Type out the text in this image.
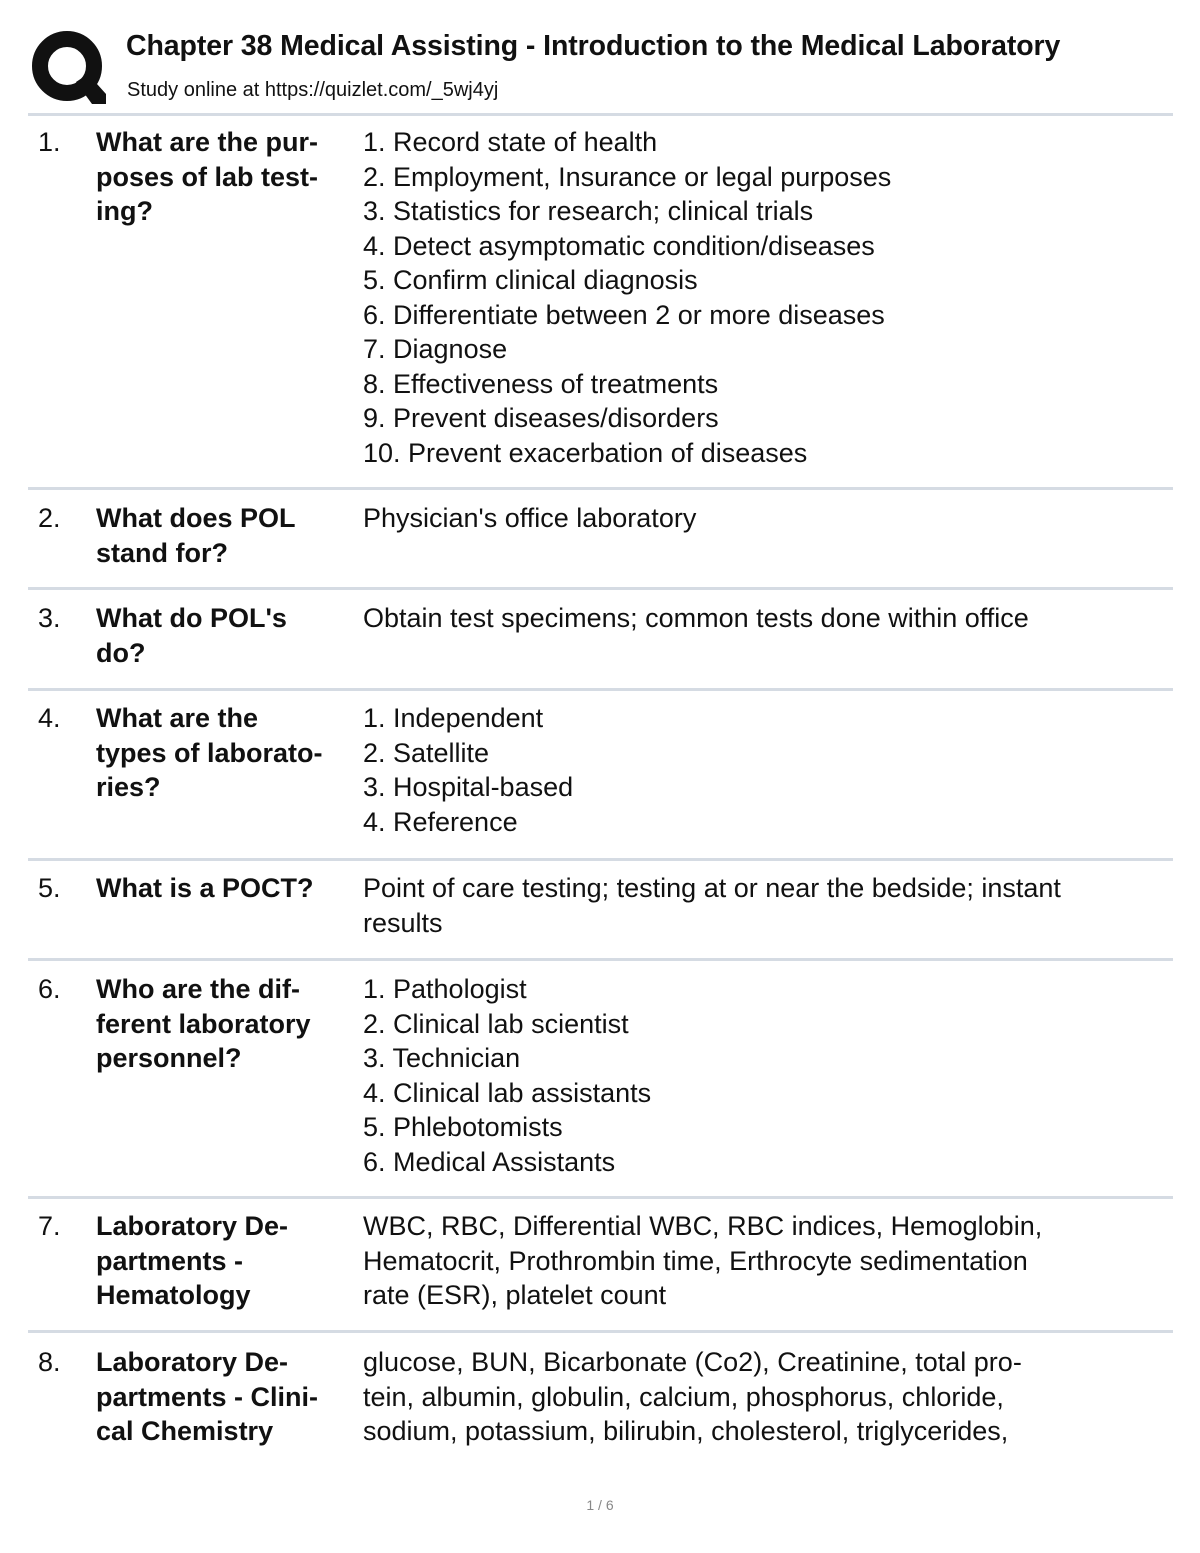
Chapter 38 Medical Assisting - Introduction to the Medical Laboratory
Study online at https://quizlet.com/_5wj4yj
1. What are the pur-
poses of lab test-
ing?
1. Record state of health
2. Employment, Insurance or legal purposes
3. Statistics for research; clinical trials
4. Detect asymptomatic condition/diseases
5. Confirm clinical diagnosis
6. Differentiate between 2 or more diseases
7. Diagnose
8. Effectiveness of treatments
9. Prevent diseases/disorders
10. Prevent exacerbation of diseases
2. What does POL
stand for?
Physician's office laboratory
3. What do POL's
do?
Obtain test specimens; common tests done within office
4. What are the
types of laborato-
ries?
1. Independent
2. Satellite
3. Hospital-based
4. Reference
5. What is a POCT?	Point of care testing; testing at or near the bedside; instant
results
6. Who are the dif-
ferent laboratory
personnel?
1. Pathologist
2. Clinical lab scientist
3. Technician
4. Clinical lab assistants
5. Phlebotomists
6. Medical Assistants
7. Laboratory De-
partments -
Hematology
WBC, RBC, Differential WBC, RBC indices, Hemoglobin,
Hematocrit, Prothrombin time, Erthrocyte sedimentation
rate (ESR), platelet count
8. Laboratory De-
partments - Clini-
cal Chemistry
glucose, BUN, Bicarbonate (Co2), Creatinine, total pro-
tein, albumin, globulin, calcium, phosphorus, chloride,
sodium, potassium, bilirubin, cholesterol, triglycerides,
1 / 6
